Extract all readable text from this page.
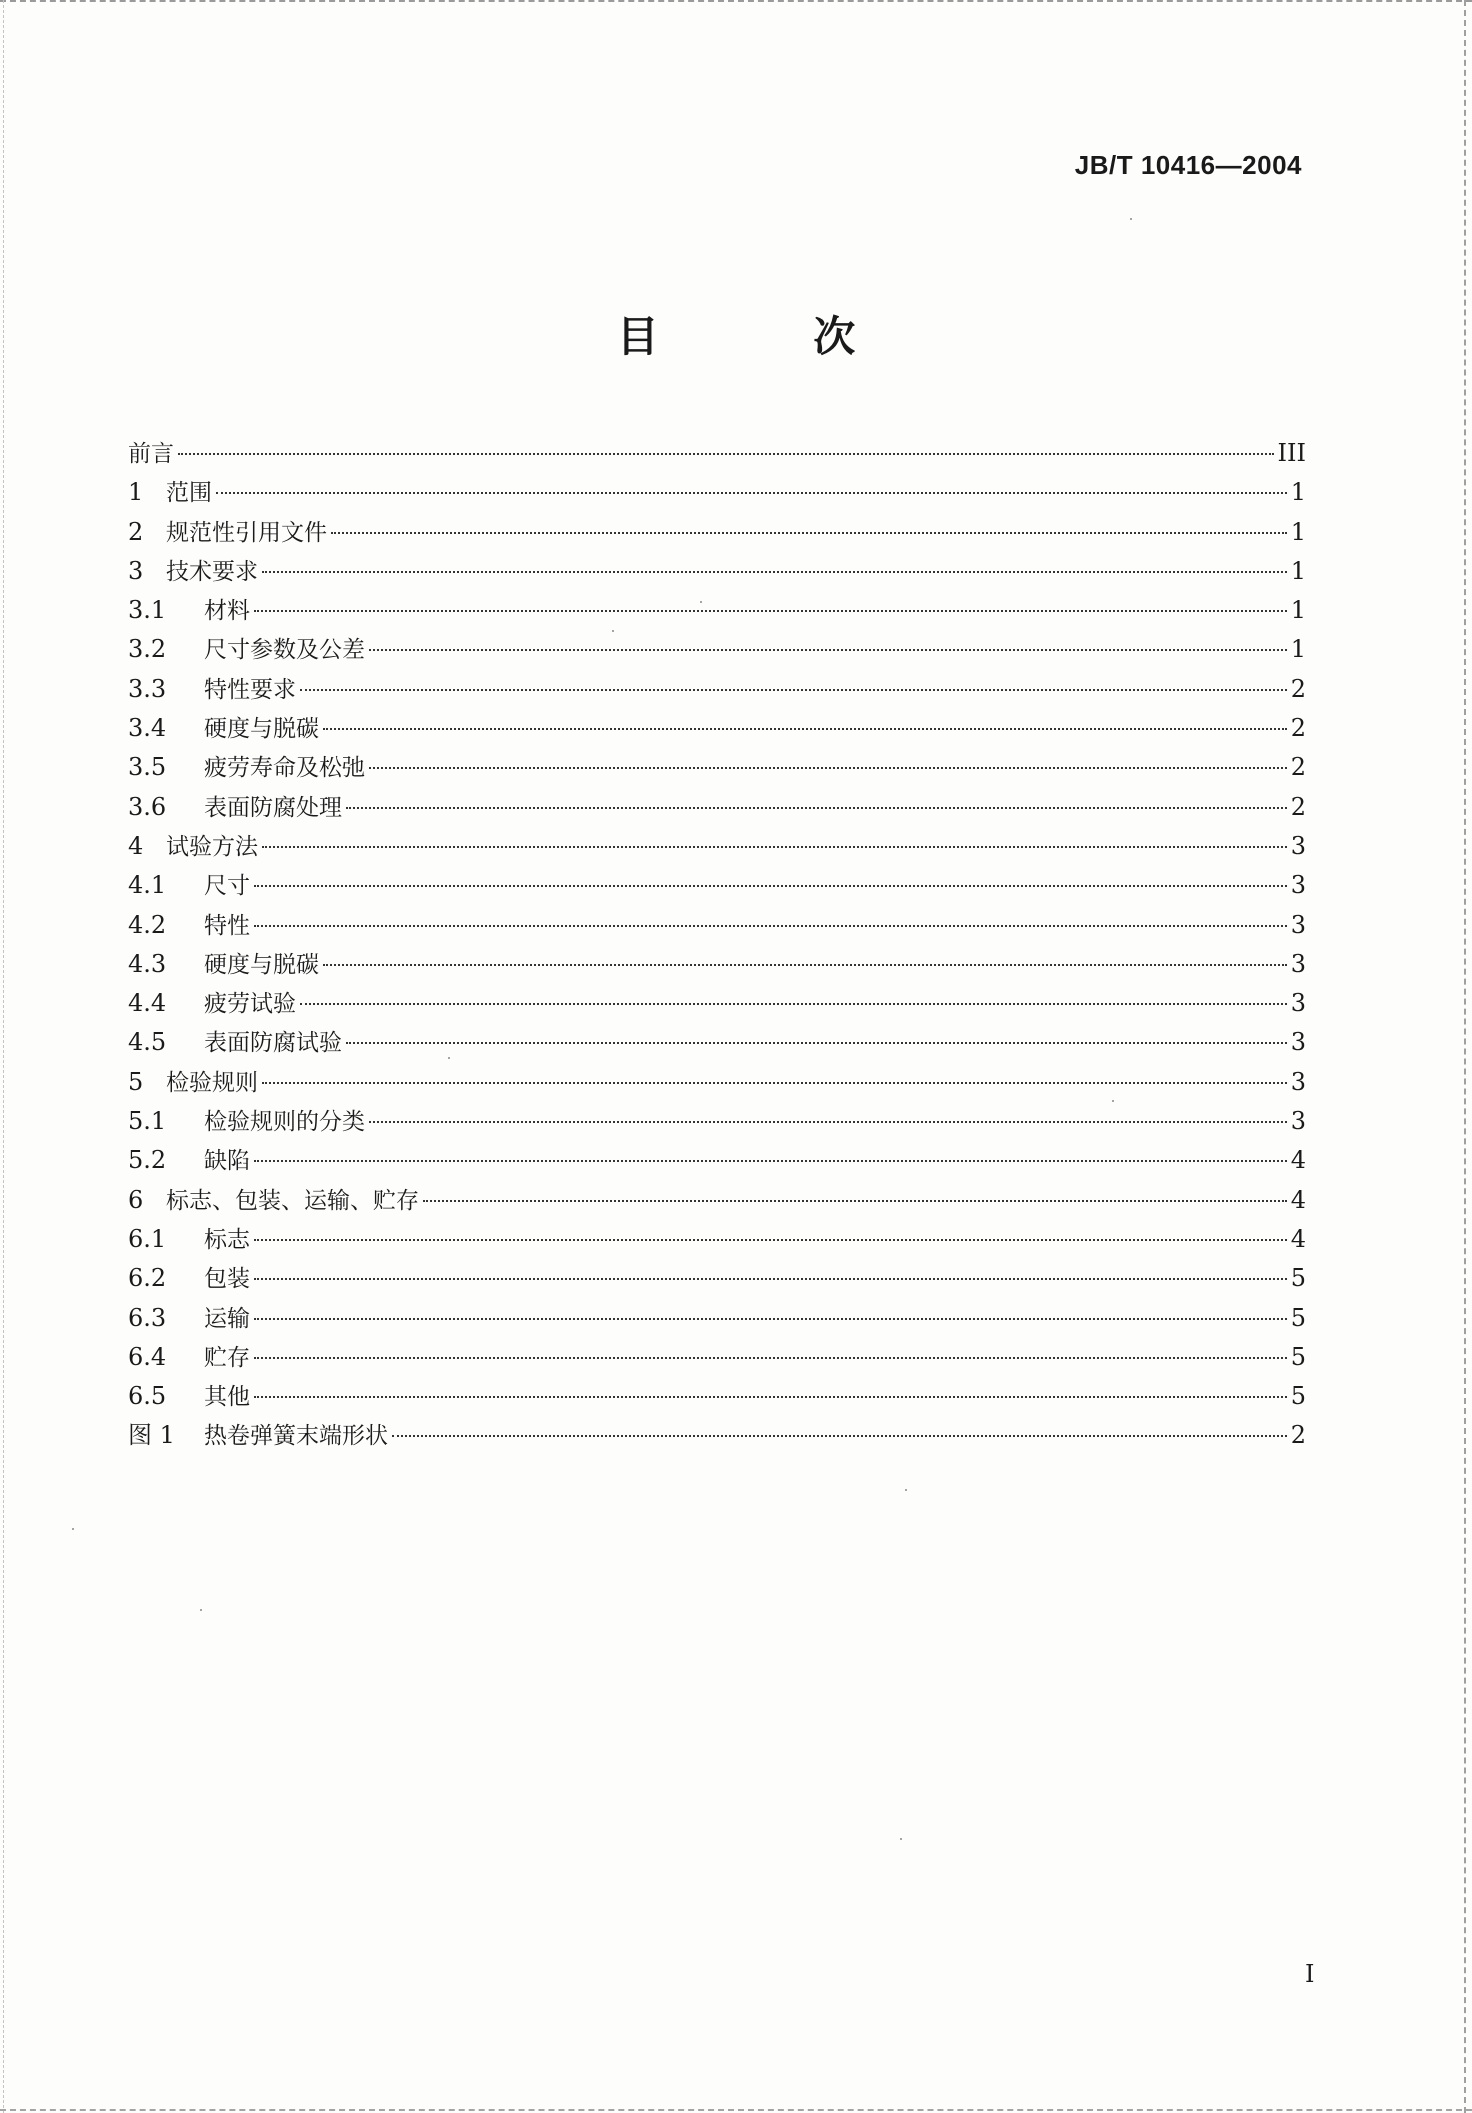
JB/T 10416—2004
目 次
前言	III
1 范围	1
2 规范性引用文件	1
3 技术要求	1
3.1	材料	1
3.2	尺寸参数及公差	1
3.3	特性要求	2
3.4	硬度与脱碳	2
3.5	疲劳寿命及松弛	2
3.6	表面防腐处理	2
4 试验方法	3
4.1	尺寸	3
4.2	特性	3
4.3	硬度与脱碳	3
4.4	疲劳试验	3
4.5	表面防腐试验	3
5 检验规则	3
5.1	检验规则的分类	3
5.2	缺陷	4
6 标志、包装、运输、贮存	4
6.1	标志	4
6.2	包装	5
6.3	运输	5
6.4	贮存	5
6.5	其他	5
图 1	热卷弹簧末端形状	2
I
